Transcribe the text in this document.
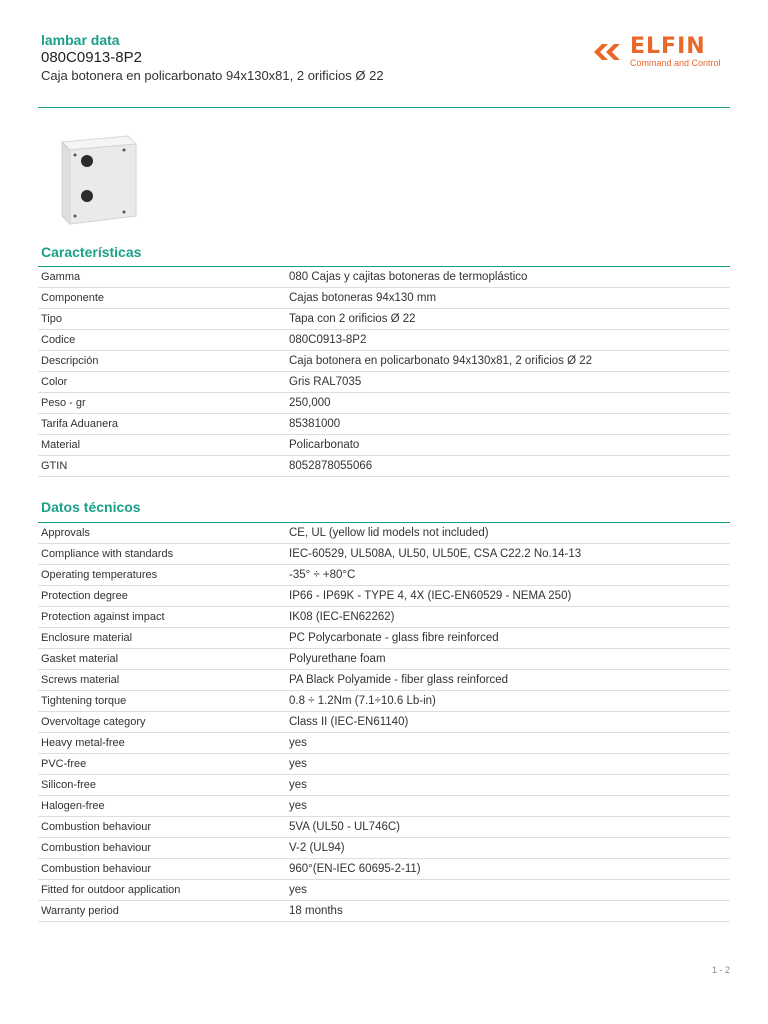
lambar data
080C0913-8P2
Caja botonera en policarbonato 94x130x81, 2 orificios Ø 22
ELFIN
Command and Control
Características
Gamma	080 Cajas y cajitas botoneras de termoplástico
Componente	Cajas botoneras 94x130 mm
Tipo	Tapa con 2 orificios Ø 22
Codice	080C0913-8P2
Descripción	Caja botonera en policarbonato 94x130x81, 2 orificios Ø 22
Color	Gris RAL7035
Peso - gr	250,000
Tarifa Aduanera	85381000
Material	Policarbonato
GTIN	8052878055066
Datos técnicos
Approvals	CE, UL (yellow lid models not included)
Compliance with standards	IEC-60529, UL508A, UL50, UL50E, CSA C22.2 No.14-13
Operating temperatures	-35° ÷ +80°C
Protection degree	IP66 - IP69K - TYPE 4, 4X (IEC-EN60529 - NEMA 250)
Protection against impact	IK08 (IEC-EN62262)
Enclosure material	PC Polycarbonate - glass fibre reinforced
Gasket material	Polyurethane foam
Screws material	PA Black Polyamide - fiber glass reinforced
Tightening torque	0.8 ÷ 1.2Nm (7.1÷10.6 Lb-in)
Overvoltage category	Class II (IEC-EN61140)
Heavy metal-free	yes
PVC-free	yes
Silicon-free	yes
Halogen-free	yes
Combustion behaviour	5VA (UL50 - UL746C)
Combustion behaviour	V-2 (UL94)
Combustion behaviour	960°(EN-IEC 60695-2-11)
Fitted for outdoor application	yes
Warranty period	18 months
1 - 2
